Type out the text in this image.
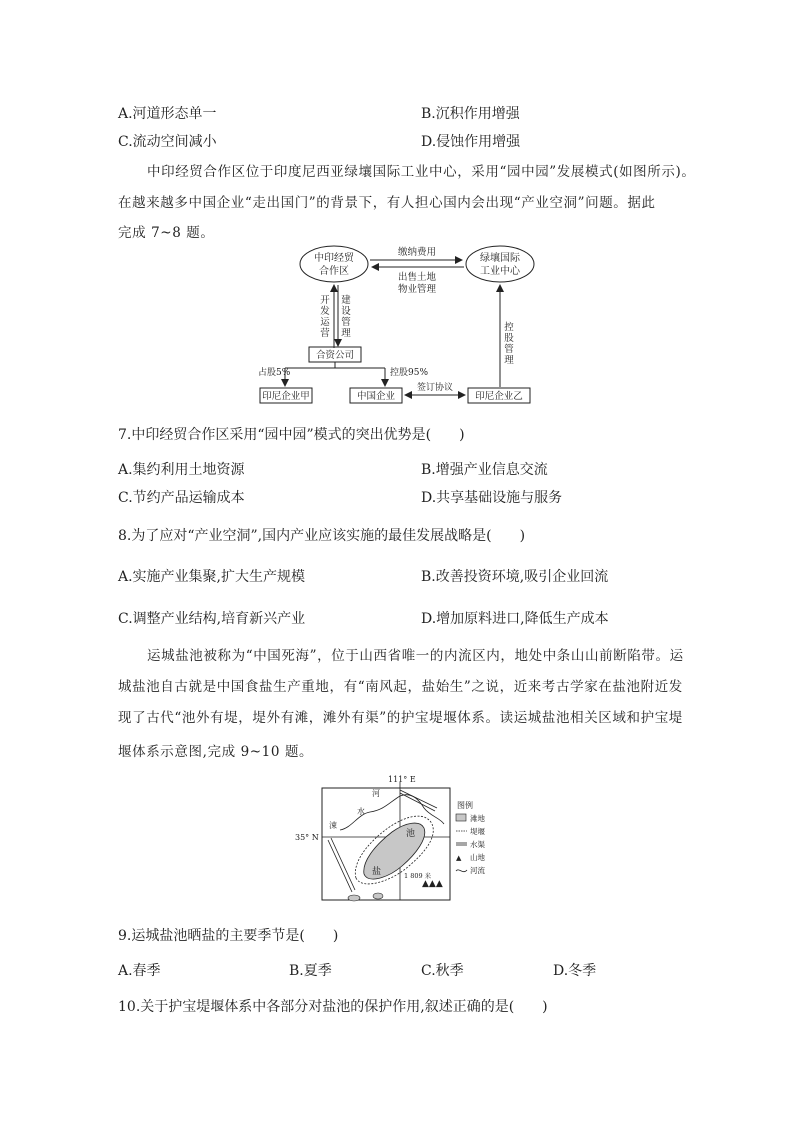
A.河道形态单一	B.沉积作用增强
C.流动空间减小	D.侵蚀作用增强
中印经贸合作区位于印度尼西亚绿壤国际工业中心，采用“园中园”发展模式(如图所示)。
在越来越多中国企业“走出国门”的背景下，有人担心国内会出现“产业空洞”问题。据此
完成 7~8 题。
中印经贸
合作区
绿壤国际
工业中心
缴纳费用
出售土地
物业管理
开
发
运
营
建
设
管
理
合资公司
占股5%	控股95%
印尼企业甲	中国企业	印尼企业乙
签订协议
控
股
管
理
7.中印经贸合作区采用“园中园”模式的突出优势是(　　)
A.集约利用土地资源	B.增强产业信息交流
C.节约产品运输成本	D.共享基础设施与服务
8.为了应对“产业空洞”,国内产业应该实施的最佳发展战略是(　　)
A.实施产业集聚,扩大生产规模	B.改善投资环境,吸引企业回流
C.调整产业结构,培育新兴产业	D.增加原料进口,降低生产成本
运城盐池被称为“中国死海”，位于山西省唯一的内流区内，地处中条山山前断陷带。运
城盐池自古就是中国食盐生产重地，有“南风起，盐始生”之说，近来考古学家在盐池附近发
现了古代“池外有堤，堤外有滩，滩外有渠”的护宝堤堰体系。读运城盐池相关区域和护宝堤
堰体系示意图,完成 9~10 题。
111° E
35° N
涑
水
河
池
盐	1 809 米
▲▲▲
图例
滩地
堤堰
水渠
▲ 山地
河流
9.运城盐池晒盐的主要季节是(　　)
A.春季	B.夏季	C.秋季	D.冬季
10.关于护宝堤堰体系中各部分对盐池的保护作用,叙述正确的是(　　)
